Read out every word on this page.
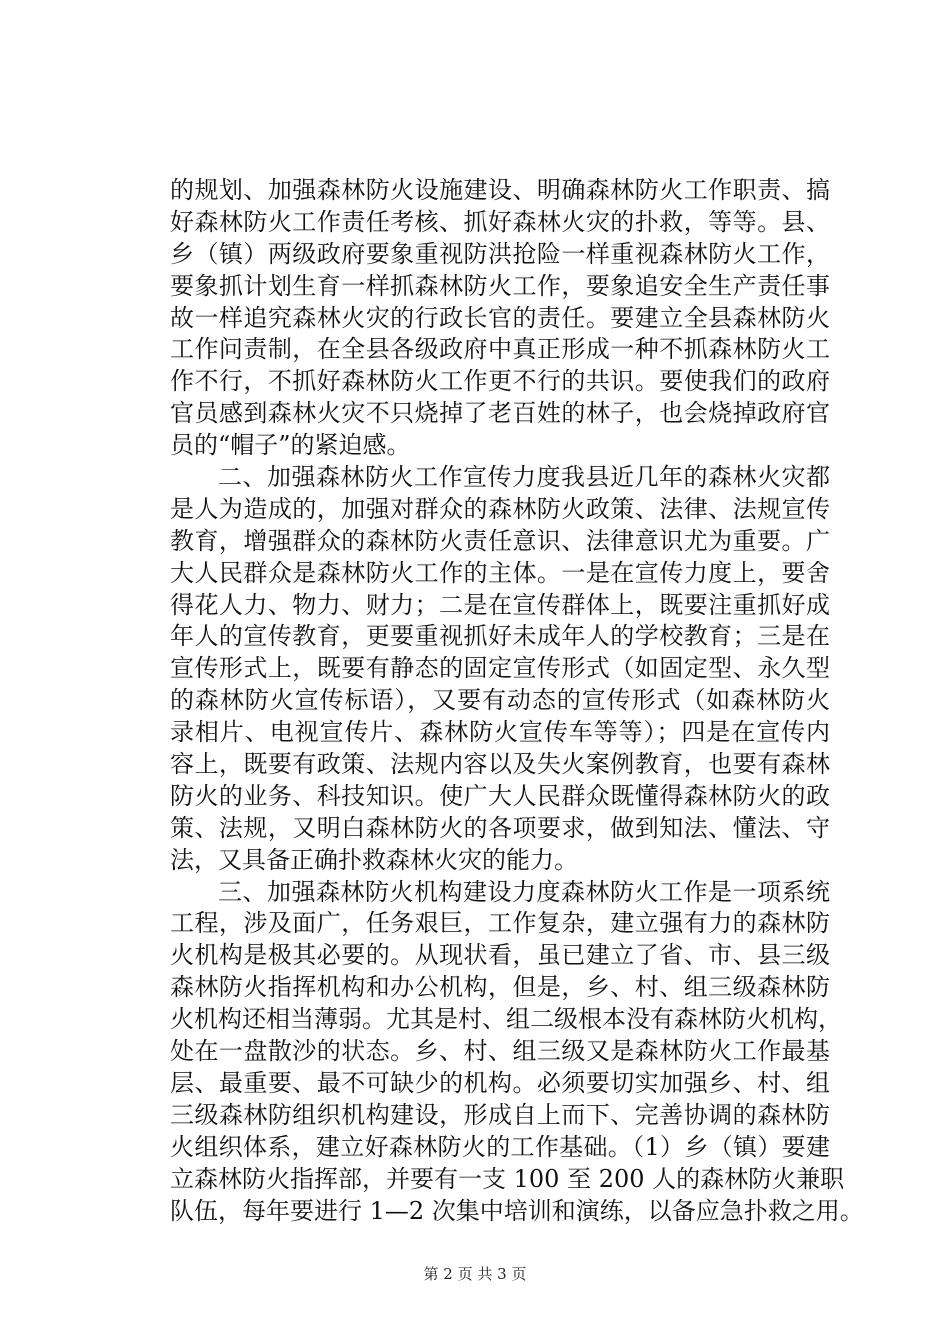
的规划、加强森林防火设施建设、明确森林防火工作职责、搞
好森林防火工作责任考核、抓好森林火灾的扑救，等等。县、
乡（镇）两级政府要象重视防洪抢险一样重视森林防火工作，
要象抓计划生育一样抓森林防火工作，要象追安全生产责任事
故一样追究森林火灾的行政长官的责任。要建立全县森林防火
工作问责制，在全县各级政府中真正形成一种不抓森林防火工
作不行，不抓好森林防火工作更不行的共识。要使我们的政府
官员感到森林火灾不只烧掉了老百姓的林子，也会烧掉政府官
员的“帽子”的紧迫感。
二、加强森林防火工作宣传力度我县近几年的森林火灾都
是人为造成的，加强对群众的森林防火政策、法律、法规宣传
教育，增强群众的森林防火责任意识、法律意识尤为重要。广
大人民群众是森林防火工作的主体。一是在宣传力度上，要舍
得花人力、物力、财力；二是在宣传群体上，既要注重抓好成
年人的宣传教育，更要重视抓好未成年人的学校教育；三是在
宣传形式上，既要有静态的固定宣传形式（如固定型、永久型
的森林防火宣传标语），又要有动态的宣传形式（如森林防火
录相片、电视宣传片、森林防火宣传车等等）；四是在宣传内
容上，既要有政策、法规内容以及失火案例教育，也要有森林
防火的业务、科技知识。使广大人民群众既懂得森林防火的政
策、法规，又明白森林防火的各项要求，做到知法、懂法、守
法，又具备正确扑救森林火灾的能力。
三、加强森林防火机构建设力度森林防火工作是一项系统
工程，涉及面广，任务艰巨，工作复杂，建立强有力的森林防
火机构是极其必要的。从现状看，虽已建立了省、市、县三级
森林防火指挥机构和办公机构，但是，乡、村、组三级森林防
火机构还相当薄弱。尤其是村、组二级根本没有森林防火机构，
处在一盘散沙的状态。乡、村、组三级又是森林防火工作最基
层、最重要、最不可缺少的机构。必须要切实加强乡、村、组
三级森林防组织机构建设，形成自上而下、完善协调的森林防
火组织体系，建立好森林防火的工作基础。（1）乡（镇）要建
立森林防火指挥部，并要有一支 100 至 200 人的森林防火兼职
队伍，每年要进行 1—2 次集中培训和演练，以备应急扑救之用。
第 2 页 共 3 页
